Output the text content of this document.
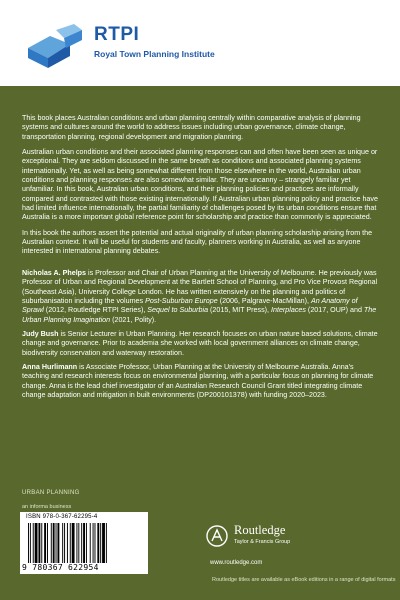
RTPI
Royal Town Planning Institute

This book places Australian conditions and urban planning centrally within comparative analysis of planning systems and cultures around the world to address issues including urban governance, climate change, transportation planning, regional development and migration planning.

Australian urban conditions and their associated planning responses can and often have been seen as unique or exceptional. They are seldom discussed in the same breath as conditions and associated planning systems internationally. Yet, as well as being somewhat different from those elsewhere in the world, Australian urban conditions and planning responses are also somewhat similar. They are uncanny – strangely familiar yet unfamiliar. In this book, Australian urban conditions, and their planning policies and practices are informally compared and contrasted with those existing internationally. If Australian urban planning policy and practice have had limited influence internationally, the partial familiarity of challenges posed by its urban conditions ensure that Australia is a more important global reference point for scholarship and practice than commonly is appreciated.

In this book the authors assert the potential and actual originality of urban planning scholarship arising from the Australian context. It will be useful for students and faculty, planners working in Australia, as well as anyone interested in international planning debates.

Nicholas A. Phelps is Professor and Chair of Urban Planning at the University of Melbourne. He previously was Professor of Urban and Regional Development at the Bartlett School of Planning, and Pro Vice Provost Regional (Southeast Asia), University College London. He has written extensively on the planning and politics of suburbanisation including the volumes Post-Suburban Europe (2006, Palgrave-MacMillan), An Anatomy of Sprawl (2012, Routledge RTPI Series), Sequel to Suburbia (2015, MIT Press), Interplaces (2017, OUP) and The Urban Planning Imagination (2021, Polity).

Judy Bush is Senior Lecturer in Urban Planning. Her research focuses on urban nature based solutions, climate change and governance. Prior to academia she worked with local government alliances on climate change, biodiversity conservation and waterway restoration.

Anna Hurlimann is Associate Professor, Urban Planning at the University of Melbourne Australia. Anna's teaching and research interests focus on environmental planning, with a particular focus on planning for climate change. Anna is the lead chief investigator of an Australian Research Council Grant titled integrating climate change adaptation and mitigation in built environments (DP200101378) with funding 2020–2023.

URBAN PLANNING
an informa business
ISBN 978-0-367-62295-4
9 780367 622954
Routledge
Taylor & Francis Group
www.routledge.com
Routledge titles are available as eBook editions in a range of digital formats
